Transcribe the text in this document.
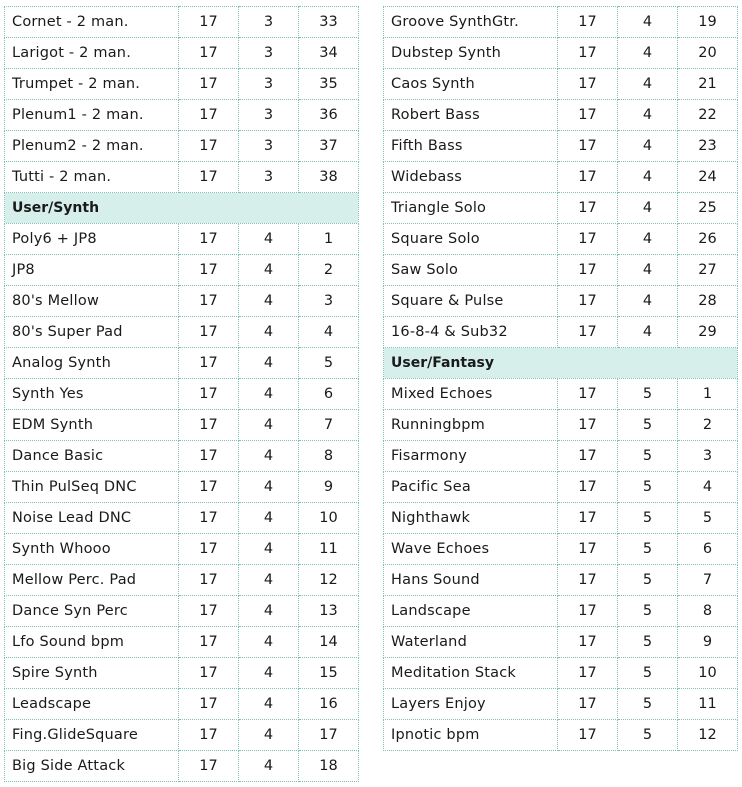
Cornet - 2 man.	17	3	33
Larigot - 2 man.	17	3	34
Trumpet - 2 man.	17	3	35
Plenum1 - 2 man.	17	3	36
Plenum2 - 2 man.	17	3	37
Tutti - 2 man.	17	3	38
User/Synth			
Poly6 + JP8	17	4	1
JP8	17	4	2
80's Mellow	17	4	3
80's Super Pad	17	4	4
Analog Synth	17	4	5
Synth Yes	17	4	6
EDM Synth	17	4	7
Dance Basic	17	4	8
Thin PulSeq DNC	17	4	9
Noise Lead DNC	17	4	10
Synth Whooo	17	4	11
Mellow Perc. Pad	17	4	12
Dance Syn Perc	17	4	13
Lfo Sound bpm	17	4	14
Spire Synth	17	4	15
Leadscape	17	4	16
Fing.GlideSquare	17	4	17
Big Side Attack	17	4	18
Groove SynthGtr.	17	4	19
Dubstep Synth	17	4	20
Caos Synth	17	4	21
Robert Bass	17	4	22
Fifth Bass	17	4	23
Widebass	17	4	24
Triangle Solo	17	4	25
Square Solo	17	4	26
Saw Solo	17	4	27
Square & Pulse	17	4	28
16-8-4 & Sub32	17	4	29
User/Fantasy			
Mixed Echoes	17	5	1
Runningbpm	17	5	2
Fisarmony	17	5	3
Pacific Sea	17	5	4
Nighthawk	17	5	5
Wave Echoes	17	5	6
Hans Sound	17	5	7
Landscape	17	5	8
Waterland	17	5	9
Meditation Stack	17	5	10
Layers Enjoy	17	5	11
Ipnotic bpm	17	5	12
